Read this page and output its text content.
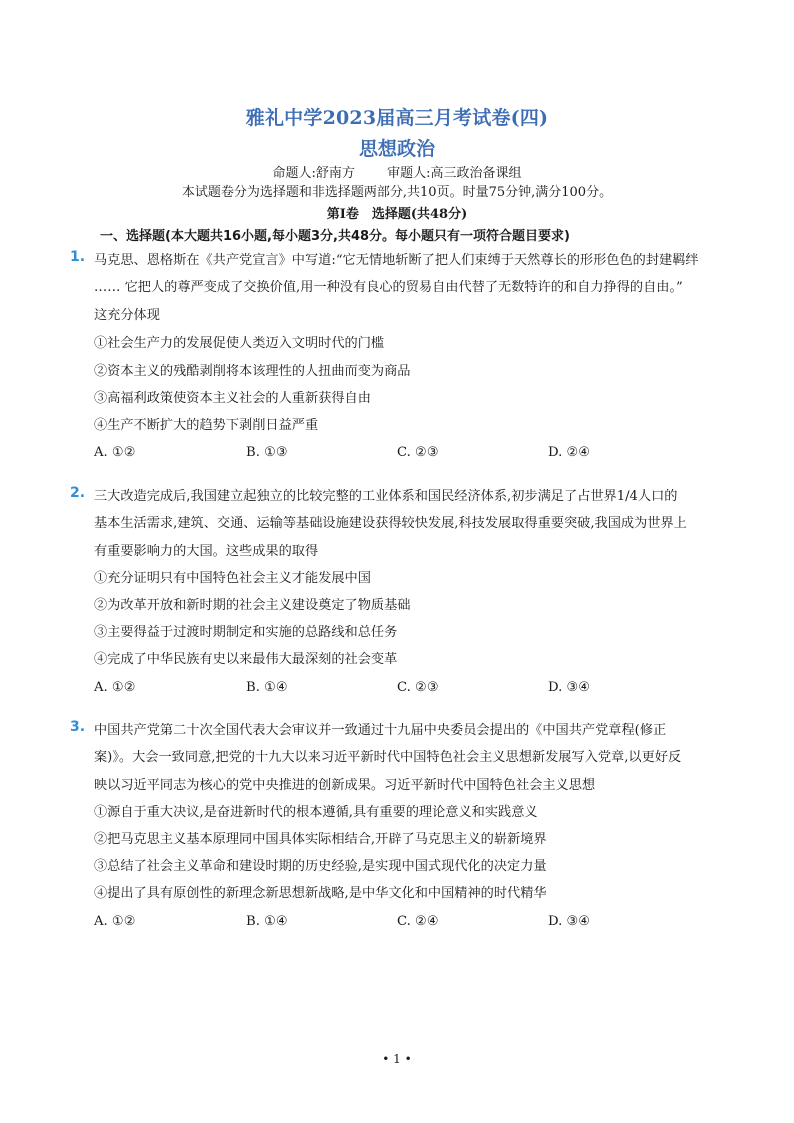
雅礼中学2023届高三月考试卷(四)
思想政治
命题人:舒南方 审题人:高三政治备课组
本试题卷分为选择题和非选择题两部分,共10页。时量75分钟,满分100分。
第Ⅰ卷　选择题(共48分)
一、选择题(本大题共16小题,每小题3分,共48分。每小题只有一项符合题目要求)
1. 马克思、恩格斯在《共产党宣言》中写道:“它无情地斩断了把人们束缚于天然尊长的形形色色的封建羁绊
…… 它把人的尊严变成了交换价值,用一种没有良心的贸易自由代替了无数特许的和自力挣得的自由。”
这充分体现
①社会生产力的发展促使人类迈入文明时代的门槛
②资本主义的残酷剥削将本该理性的人扭曲而变为商品
③高福利政策使资本主义社会的人重新获得自由
④生产不断扩大的趋势下剥削日益严重
A. ①②	B. ①③	C. ②③	D. ②④
2. 三大改造完成后,我国建立起独立的比较完整的工业体系和国民经济体系,初步满足了占世界1/4人口的
基本生活需求,建筑、交通、运输等基础设施建设获得较快发展,科技发展取得重要突破,我国成为世界上
有重要影响力的大国。这些成果的取得
①充分证明只有中国特色社会主义才能发展中国
②为改革开放和新时期的社会主义建设奠定了物质基础
③主要得益于过渡时期制定和实施的总路线和总任务
④完成了中华民族有史以来最伟大最深刻的社会变革
A. ①②	B. ①④	C. ②③	D. ③④
3. 中国共产党第二十次全国代表大会审议并一致通过十九届中央委员会提出的《中国共产党章程(修正
案)》。大会一致同意,把党的十九大以来习近平新时代中国特色社会主义思想新发展写入党章,以更好反
映以习近平同志为核心的党中央推进的创新成果。习近平新时代中国特色社会主义思想
①源自于重大决议,是奋进新时代的根本遵循,具有重要的理论意义和实践意义
②把马克思主义基本原理同中国具体实际相结合,开辟了马克思主义的崭新境界
③总结了社会主义革命和建设时期的历史经验,是实现中国式现代化的决定力量
④提出了具有原创性的新理念新思想新战略,是中华文化和中国精神的时代精华
A. ①②	B. ①④	C. ②④	D. ③④
• 1 •
